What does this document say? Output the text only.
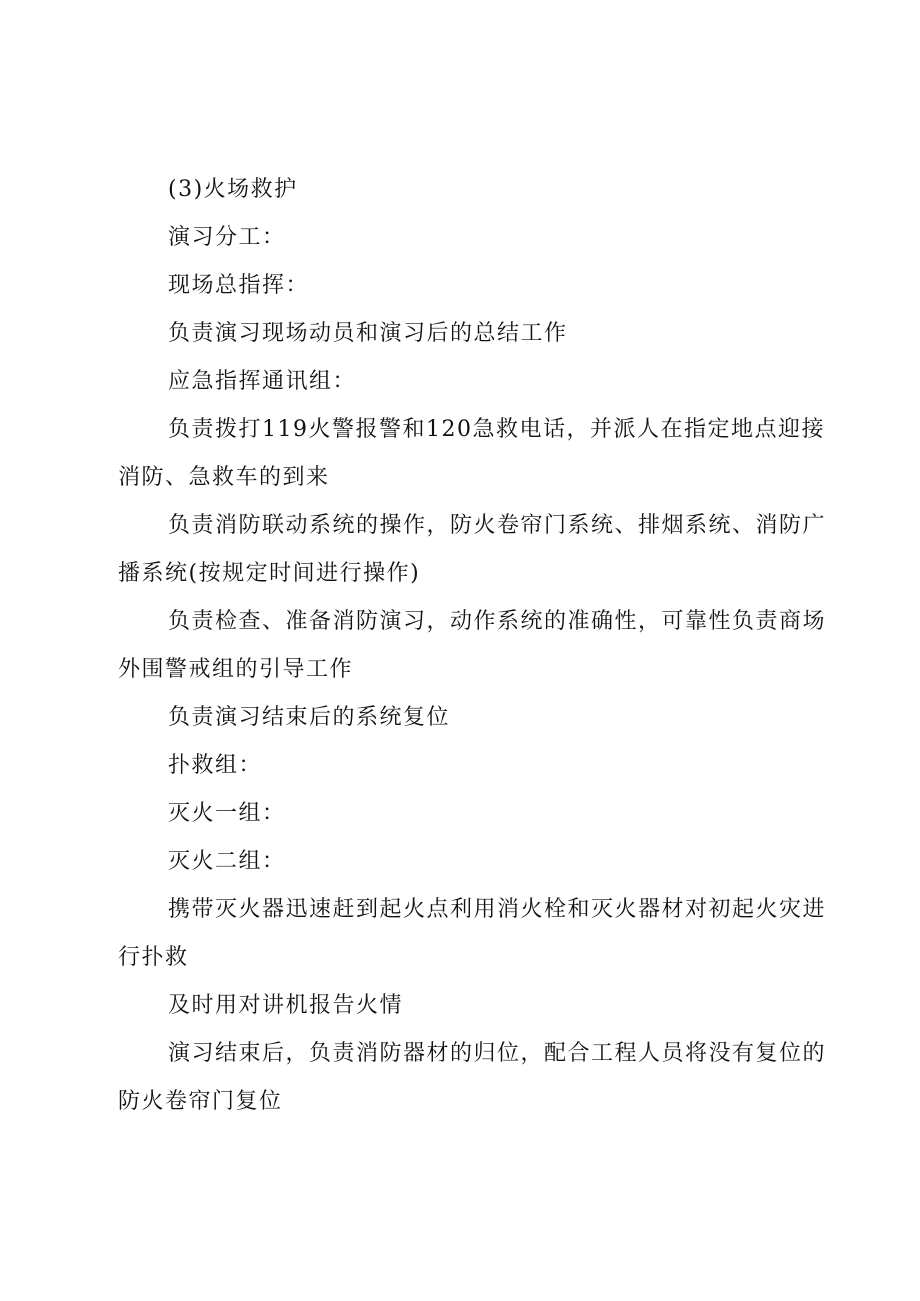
(3)火场救护

演习分工：

现场总指挥：

负责演习现场动员和演习后的总结工作

应急指挥通讯组：

负责拨打119火警报警和120急救电话，并派人在指定地点迎接消防、急救车的到来

负责消防联动系统的操作，防火卷帘门系统、排烟系统、消防广播系统(按规定时间进行操作)

负责检查、准备消防演习，动作系统的准确性，可靠性负责商场外围警戒组的引导工作

负责演习结束后的系统复位

扑救组：

灭火一组：

灭火二组：

携带灭火器迅速赶到起火点利用消火栓和灭火器材对初起火灾进行扑救

及时用对讲机报告火情

演习结束后，负责消防器材的归位，配合工程人员将没有复位的防火卷帘门复位
